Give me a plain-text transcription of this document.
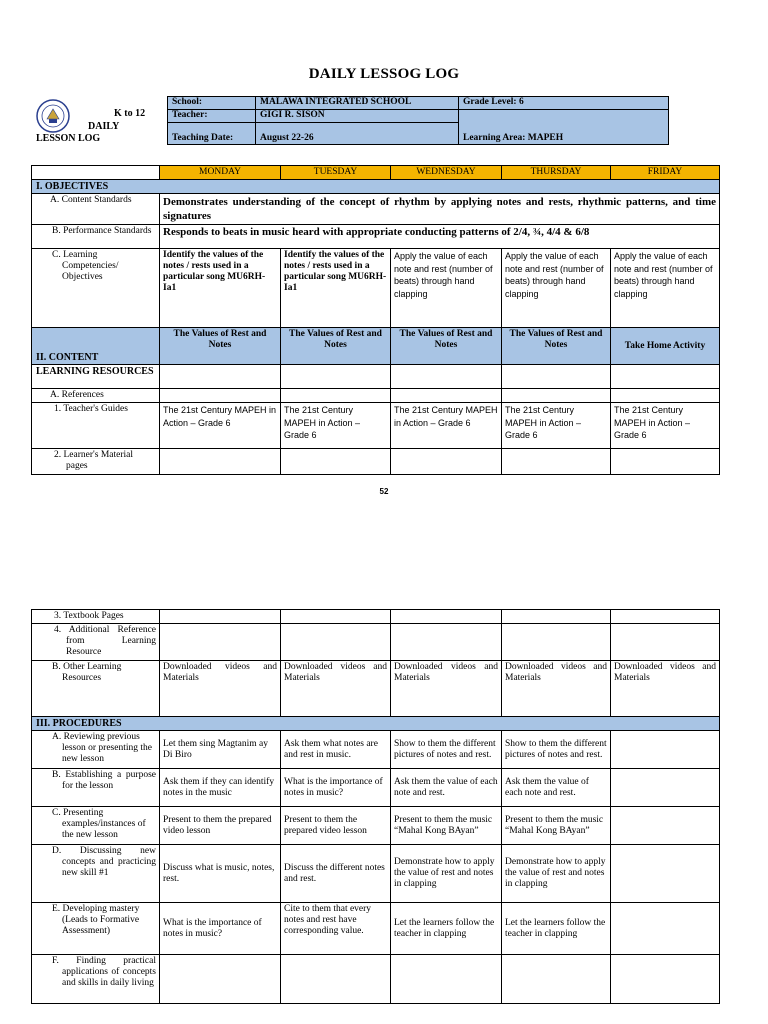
DAILY LESSOG LOG
K to 12
DAILY
LESSON LOG
School:	MALAWA INTEGRATED SCHOOL	Grade Level: 6
Teacher:	GIGI R. SISON	Learning Area: MAPEH
Teaching Date:	August 22-26	
	MONDAY	TUESDAY	WEDNESDAY	THURSDAY	FRIDAY
I. OBJECTIVES					
A. Content Standards	Demonstrates understanding of the concept of rhythm by applying notes and rests, rhythmic patterns, and time signatures				
B. Performance Standards	Responds to beats in music heard with appropriate conducting patterns of 2/4, ¾, 4/4 & 6/8				
C. Learning Competencies/ Objectives	Identify the values of the notes / rests used in a particular song MU6RH-Ia1	Identify the values of the notes / rests used in a particular song MU6RH-Ia1	Apply the value of each note and rest (number of beats) through hand clapping	Apply the value of each note and rest (number of beats) through hand clapping	Apply the value of each note and rest (number of beats) through hand clapping
II. CONTENT	The Values of Rest and Notes	The Values of Rest and Notes	The Values of Rest and Notes	The Values of Rest and Notes	Take Home Activity
LEARNING RESOURCES					
A. References					
1. Teacher's Guides	The 21st Century MAPEH in Action – Grade 6	The 21st Century MAPEH in Action – Grade 6	The 21st Century MAPEH in Action – Grade 6	The 21st Century MAPEH in Action – Grade 6	The 21st Century MAPEH in Action – Grade 6
2. Learner's Material pages					
52
3. Textbook Pages					
4. Additional Reference from Learning Resource					
B. Other Learning Resources	Downloaded videos and Materials	Downloaded videos and Materials	Downloaded videos and Materials	Downloaded videos and Materials	Downloaded videos and Materials
III. PROCEDURES					
A. Reviewing previous lesson or presenting the new lesson	Let them sing Magtanim ay Di Biro	Ask them what notes are and rest in music.	Show to them the different pictures of notes and rest.	Show to them the different pictures of notes and rest.	
B. Establishing a purpose for the lesson	Ask them if they can identify notes in the music	What is the importance of notes in music?	Ask them the value of each note and rest.	Ask them the value of each note and rest.	
C. Presenting examples/instances of the new lesson	Present to them the prepared video lesson	Present to them the prepared video lesson	Present to them the music “Mahal Kong BAyan”	Present to them the music “Mahal Kong BAyan”	
D. Discussing new concepts and practicing new skill #1	Discuss what is music, notes, rest.	Discuss the different notes and rest.	Demonstrate how to apply the value of rest and notes in clapping	Demonstrate how to apply the value of rest and notes in clapping	
E. Developing mastery (Leads to Formative Assessment)	What is the importance of notes in music?	Cite to them that every notes and rest have corresponding value.	Let the learners follow the teacher in clapping	Let the learners follow the teacher in clapping	
F. Finding practical applications of concepts and skills in daily living					
